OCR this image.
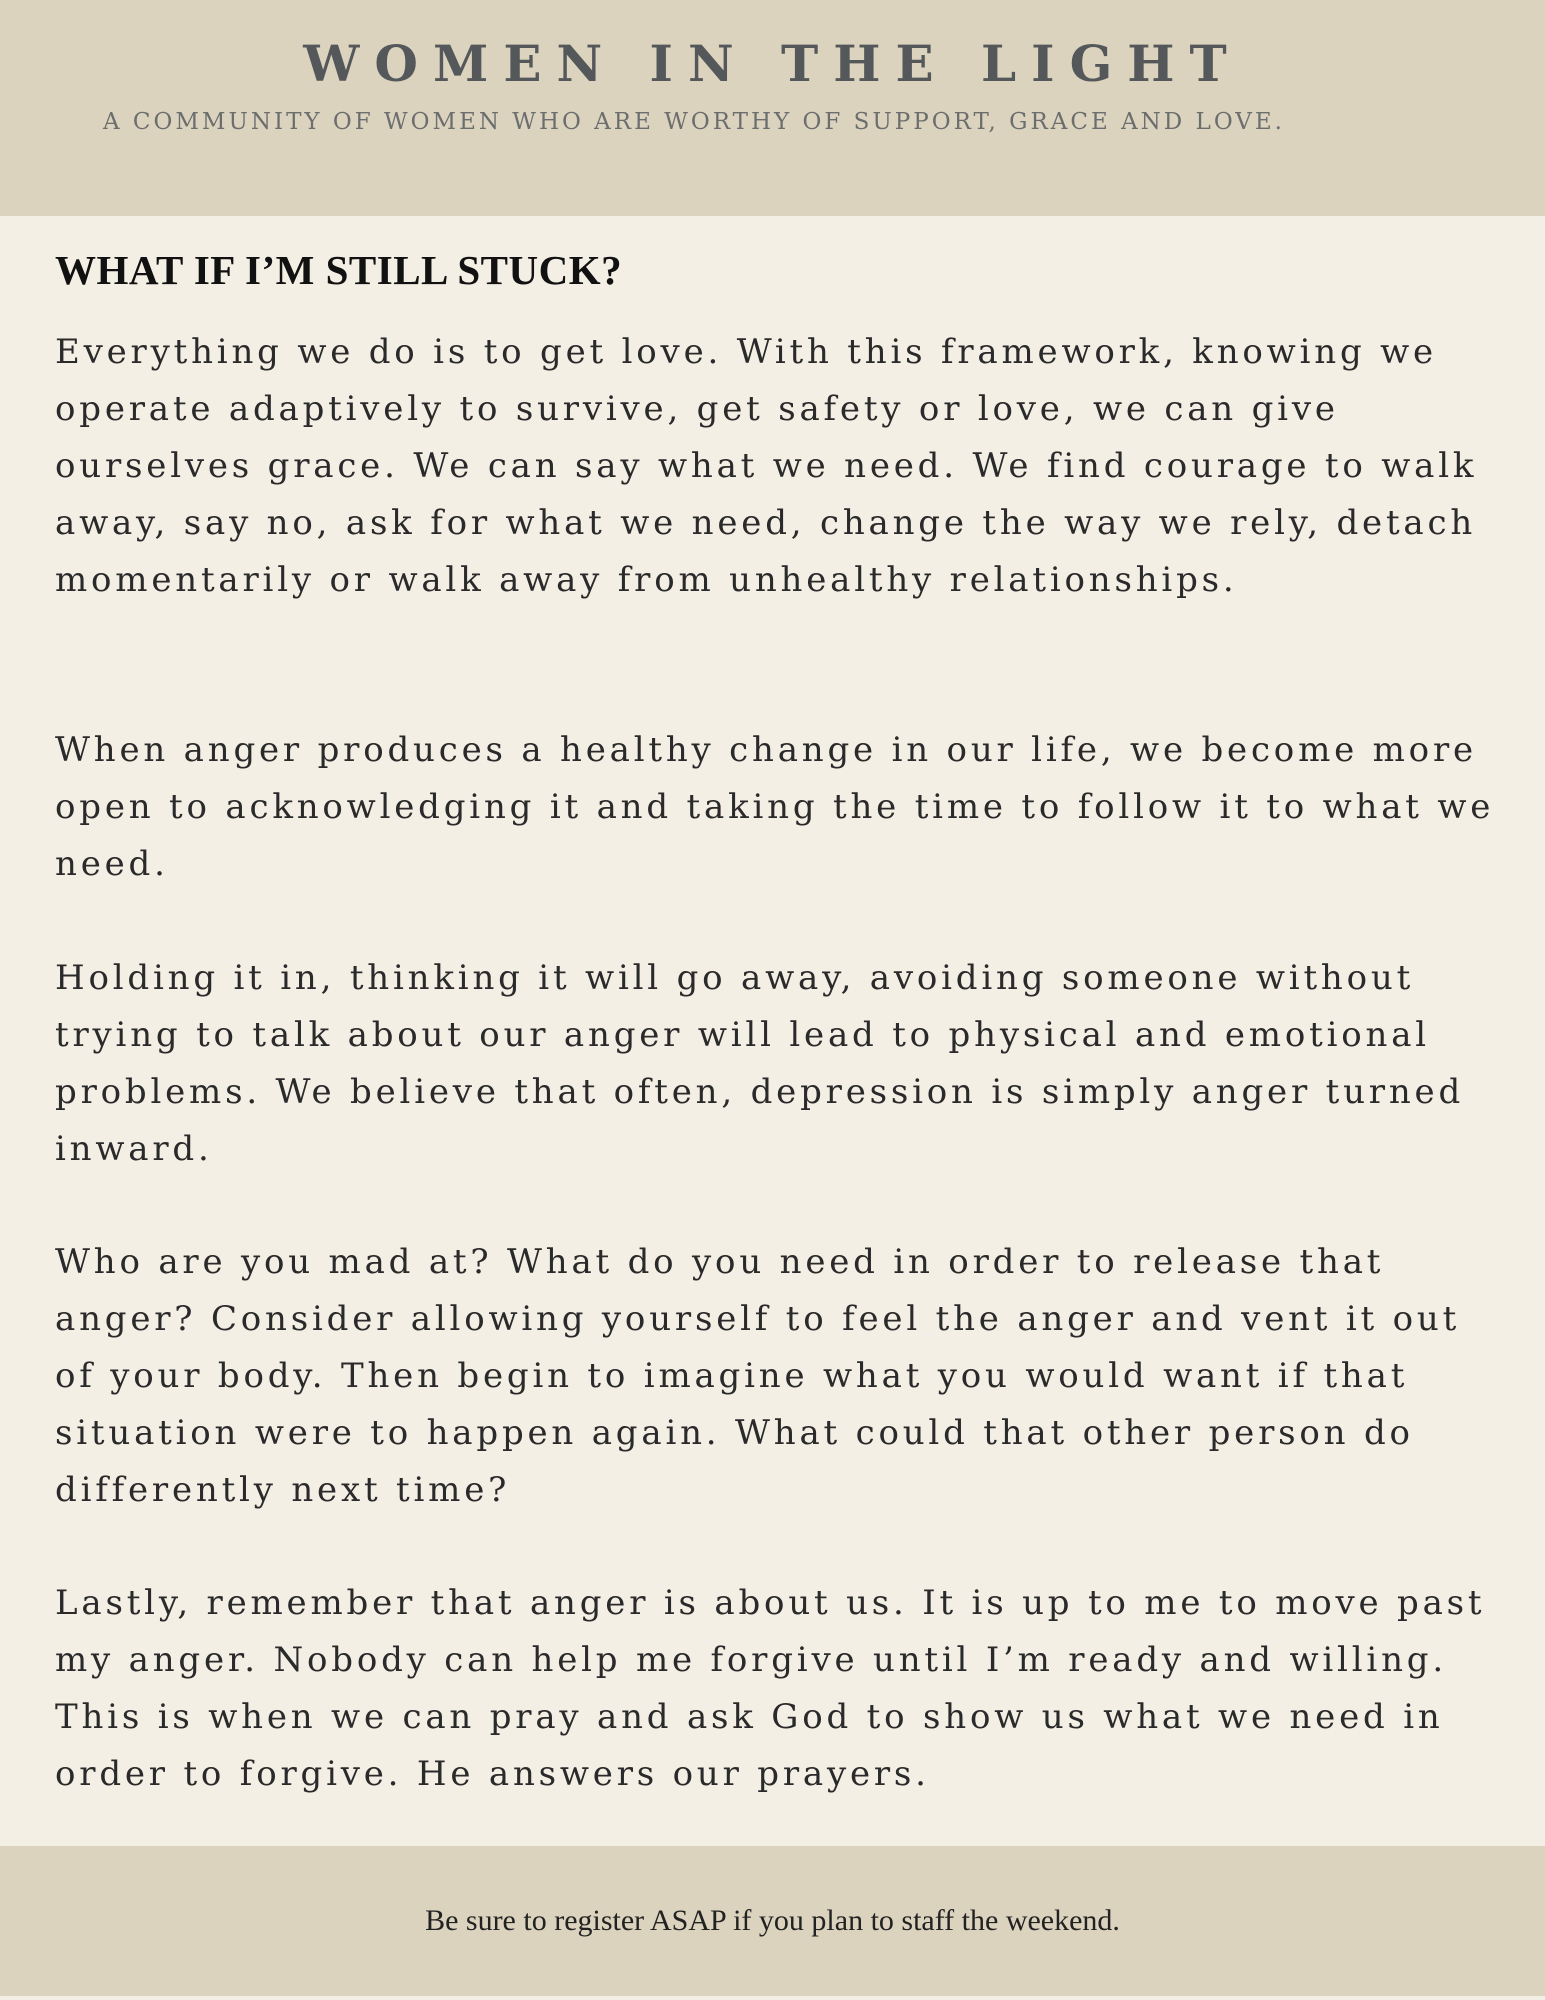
WOMEN IN THE LIGHT
A COMMUNITY OF WOMEN WHO ARE WORTHY OF SUPPORT, GRACE AND LOVE.
WHAT IF I’M STILL STUCK?

Everything we do is to get love. With this framework, knowing we operate adaptively to survive, get safety or love, we can give ourselves grace. We can say what we need. We find courage to walk away, say no, ask for what we need, change the way we rely, detach momentarily or walk away from unhealthy relationships.

When anger produces a healthy change in our life, we become more open to acknowledging it and taking the time to follow it to what we need.

Holding it in, thinking it will go away, avoiding someone without trying to talk about our anger will lead to physical and emotional problems. We believe that often, depression is simply anger turned inward.

Who are you mad at? What do you need in order to release that anger? Consider allowing yourself to feel the anger and vent it out of your body. Then begin to imagine what you would want if that situation were to happen again. What could that other person do differently next time?

Lastly, remember that anger is about us. It is up to me to move past my anger. Nobody can help me forgive until I’m ready and willing. This is when we can pray and ask God to show us what we need in order to forgive. He answers our prayers.

Be sure to register ASAP if you plan to staff the weekend.
